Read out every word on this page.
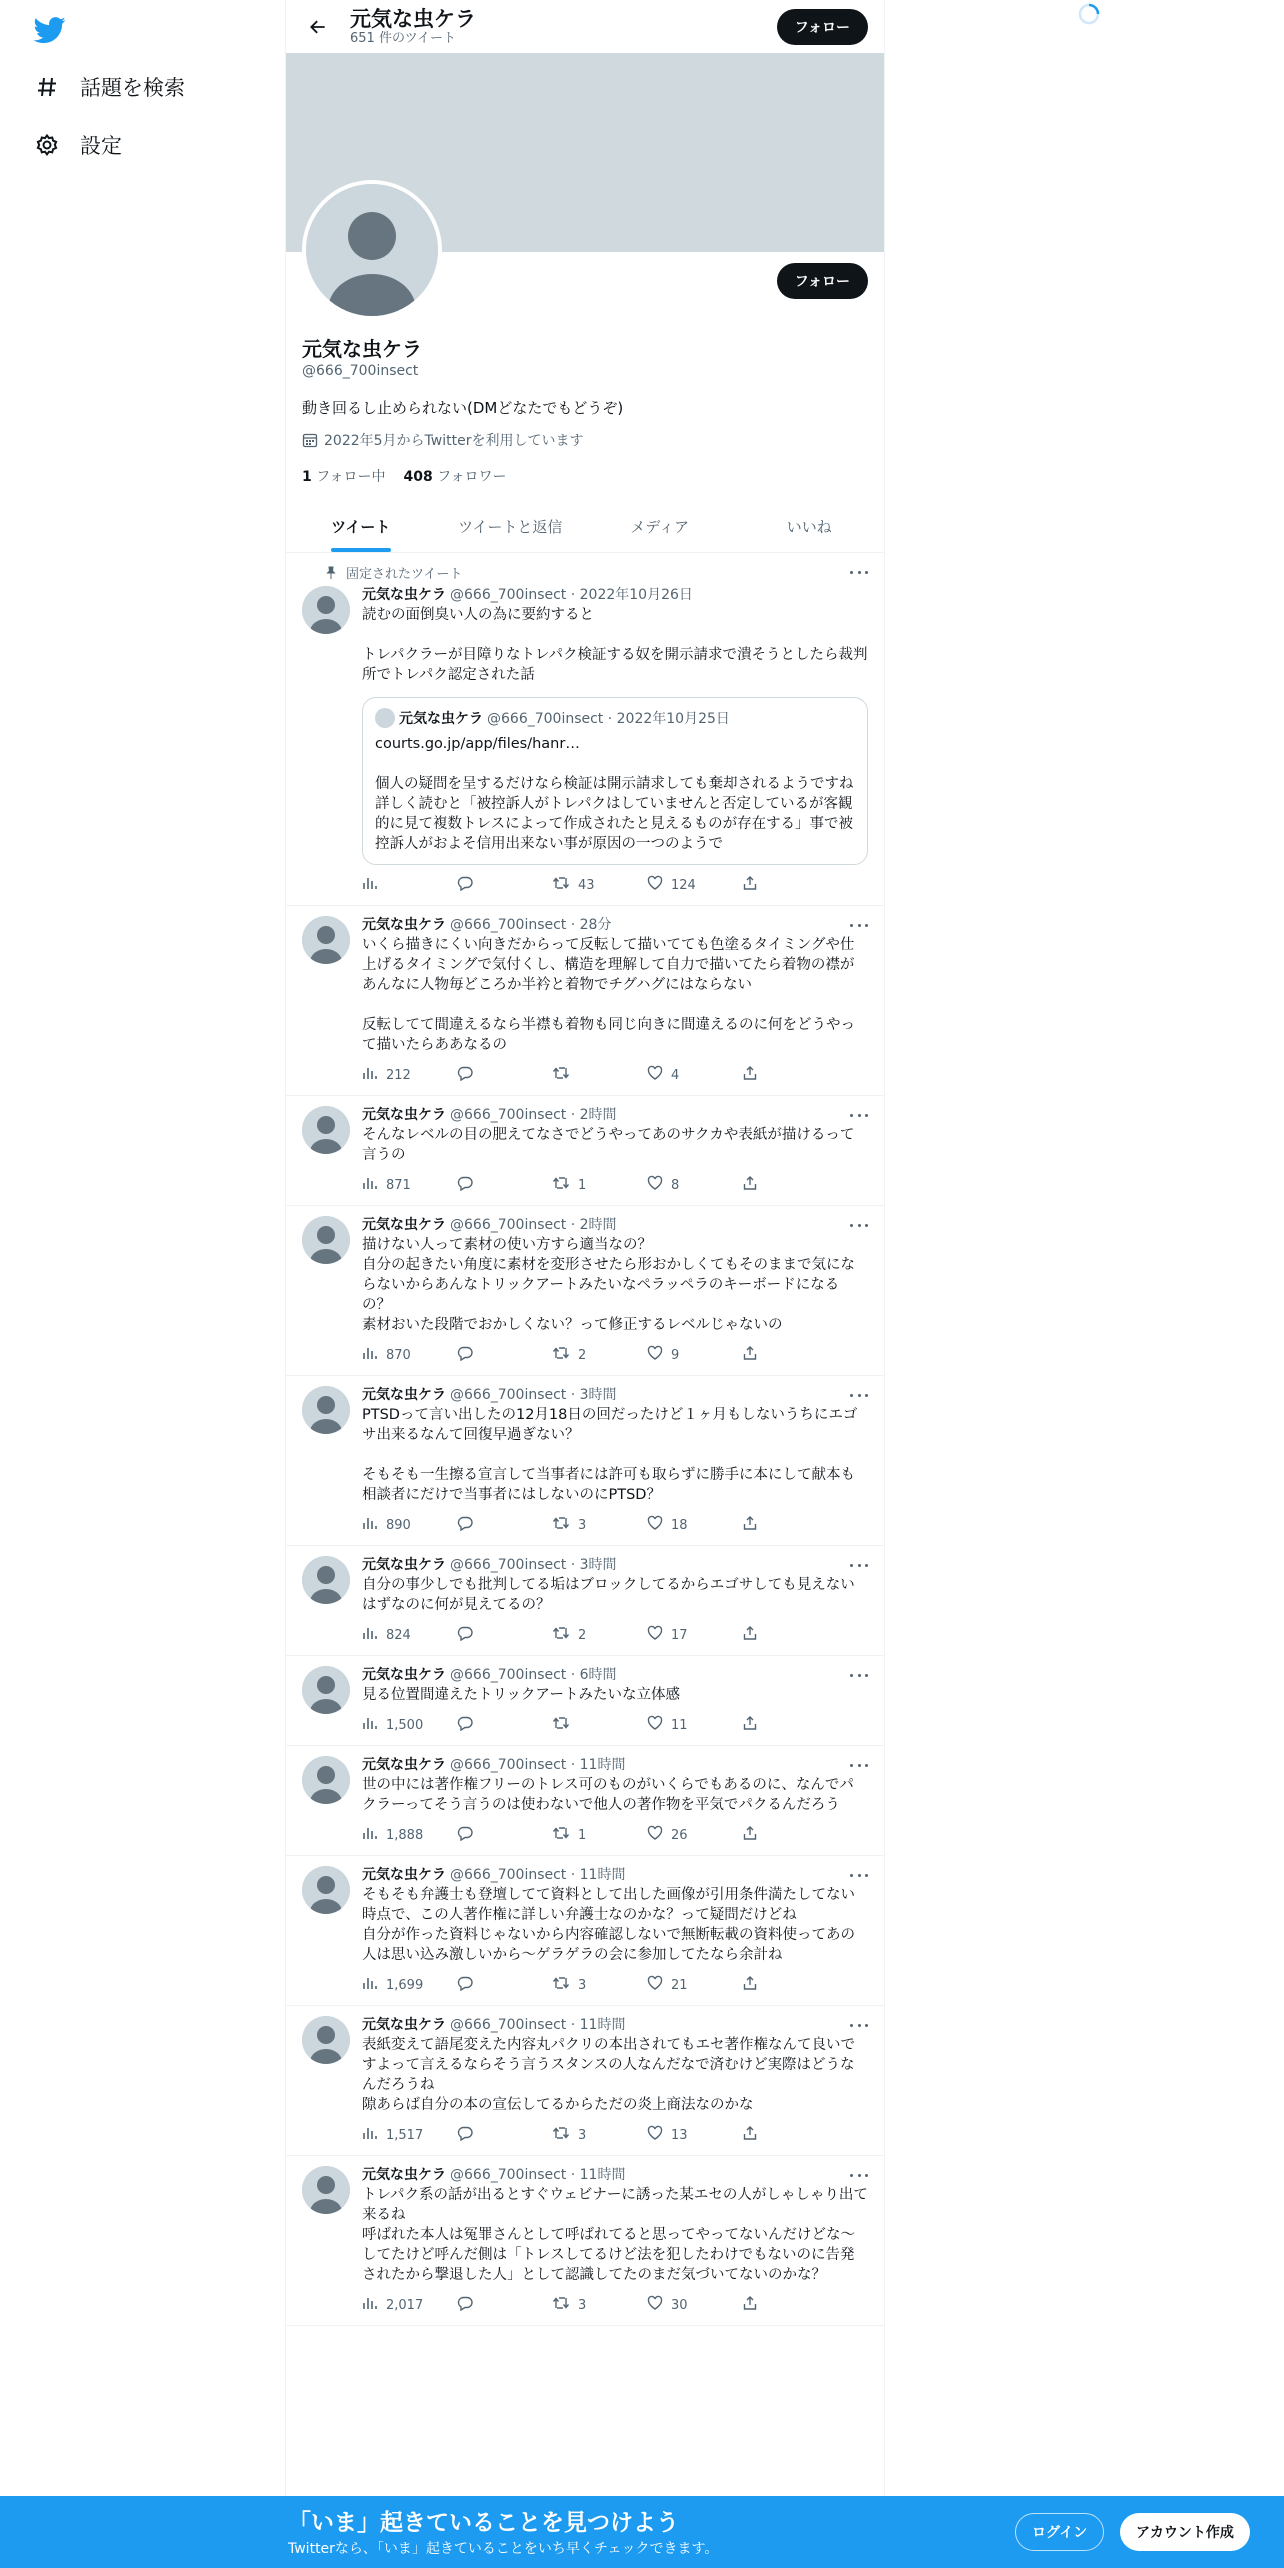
話題を検索
設定
元気な虫ケラ
651 件のツイート
フォロー
フォロー
元気な虫ケラ
@666_700insect
動き回るし止められない(DMどなたでもどうぞ)
2022年5月からTwitterを利用しています
1 フォロー中 408 フォロワー
ツイート	ツイートと返信	メディア	いいね
固定されたツイート
元気な虫ケラ @666_700insect · 2022年10月26日
読むの面倒臭い人の為に要約すると

トレパクラーが目障りなトレパク検証する奴を開示請求で潰そうとしたら裁判所でトレパク認定された話
元気な虫ケラ @666_700insect · 2022年10月25日
courts.go.jp/app/files/hanr…

個人の疑問を呈するだけなら検証は開示請求しても棄却されるようですね
詳しく読むと「被控訴人がトレパクはしていませんと否定しているが客観的に見て複数トレスによって作成されたと見えるものが存在する」事で被控訴人がおよそ信用出来ない事が原因の一つのようで
43	124
元気な虫ケラ @666_700insect · 28分
いくら描きにくい向きだからって反転して描いてても色塗るタイミングや仕上げるタイミングで気付くし、構造を理解して自力で描いてたら着物の襟があんなに人物毎どころか半衿と着物でチグハグにはならない

反転してて間違えるなら半襟も着物も同じ向きに間違えるのに何をどうやって描いたらああなるの
212	4
元気な虫ケラ @666_700insect · 2時間
そんなレベルの目の肥えてなさでどうやってあのサクカや表紙が描けるって言うの
871	1	8
元気な虫ケラ @666_700insect · 2時間
描けない人って素材の使い方すら適当なの？
自分の起きたい角度に素材を変形させたら形おかしくてもそのままで気にならないからあんなトリックアートみたいなペラッペラのキーボードになるの？
素材おいた段階でおかしくない？って修正するレベルじゃないの
870	2	9
元気な虫ケラ @666_700insect · 3時間
PTSDって言い出したの12月18日の回だったけど１ヶ月もしないうちにエゴサ出来るなんて回復早過ぎない？

そもそも一生擦る宣言して当事者には許可も取らずに勝手に本にして献本も相談者にだけで当事者にはしないのにPTSD？
890	3	18
元気な虫ケラ @666_700insect · 3時間
自分の事少しでも批判してる垢はブロックしてるからエゴサしても見えないはずなのに何が見えてるの？
824	2	17
元気な虫ケラ @666_700insect · 6時間
見る位置間違えたトリックアートみたいな立体感
1,500	11
元気な虫ケラ @666_700insect · 11時間
世の中には著作権フリーのトレス可のものがいくらでもあるのに、なんでパクラーってそう言うのは使わないで他人の著作物を平気でパクるんだろう
1,888	1	26
元気な虫ケラ @666_700insect · 11時間
そもそも弁護士も登壇してて資料として出した画像が引用条件満たしてない時点で、この人著作権に詳しい弁護士なのかな？って疑問だけどね
自分が作った資料じゃないから内容確認しないで無断転載の資料使ってあの人は思い込み激しいから〜ゲラゲラの会に参加してたなら余計ね
1,699	3	21
元気な虫ケラ @666_700insect · 11時間
表紙変えて語尾変えた内容丸パクリの本出されてもエセ著作権なんて良いですよって言えるならそう言うスタンスの人なんだなで済むけど実際はどうなんだろうね
隙あらば自分の本の宣伝してるからただの炎上商法なのかな
1,517	3	13
元気な虫ケラ @666_700insect · 11時間
トレパク系の話が出るとすぐウェビナーに誘った某エセの人がしゃしゃり出て来るね
呼ばれた本人は冤罪さんとして呼ばれてると思ってやってないんだけどな〜してたけど呼んだ側は「トレスしてるけど法を犯したわけでもないのに告発されたから撃退した人」として認識してたのまだ気づいてないのかな？
2,017	3	30
「いま」起きていることを見つけよう
Twitterなら、「いま」起きていることをいち早くチェックできます。
ログイン	アカウント作成
